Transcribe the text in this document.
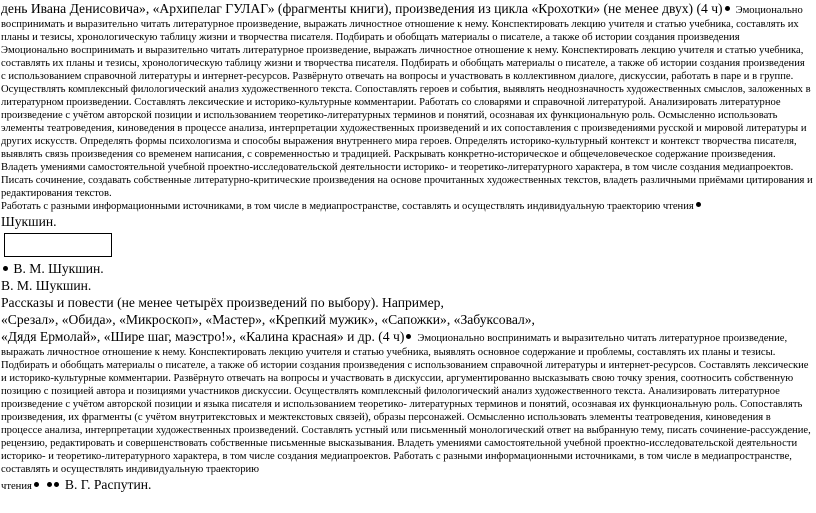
день Ивана Денисовича», «Архипелаг ГУЛАГ» (фрагменты книги), произведения из цикла «Крохотки» (не менее двух) (4 ч) Эмоционально

воспринимать и выразительно читать литературное произведение, выражать личностное отношение к нему. Конспектировать лекцию учителя и статью учебника, составлять их планы и тезисы, хронологическую таблицу жизни и творчества писателя. Подбирать и обобщать материалы о писателе, а также об истории создания произведения

Эмоционально воспринимать и выразительно читать литературное произведение, выражать личностное отношение к нему. Конспектировать лекцию учителя и статью учебника, составлять их планы и тезисы, хронологическую таблицу жизни и творчества писателя. Подбирать и обобщать материалы о писателе, а также об истории создания произведения

с использованием справочной литературы и интернет-ресурсов. Развёрнуто отвечать на вопросы и участвовать в коллективном диалоге, дискуссии, работать в паре и в группе.

Осуществлять комплексный филологический анализ художественного текста. Сопоставлять героев и события, выявлять неоднозначность художественных смыслов, заложенных в литературном произведении. Составлять лексические и историко-культурные комментарии. Работать со словарями и справочной литературой. Анализировать литературное произведение с учётом авторской позиции и использованием теоретико-литературных терминов и понятий, осознавая их функциональную роль. Осмысленно использовать элементы театроведения, киноведения в процессе анализа, интерпретации художественных произведений и их сопоставления с произведениями русской и мировой литературы и других искусств. Определять формы психологизма и способы выражения внутреннего мира героев. Определять историко-культурный контекст и контекст творчества писателя, выявлять связь произведения со временем написания, с современностью и традицией. Раскрывать конкретно-историческое и общечеловеческое содержание произведения. Владеть умениями самостоятельной учебной проектно-исследовательской деятельности историко- и теоретико-литературного характера, в том числе создания медиапроектов. Писать сочинение, создавать собственные литературно-критические произведения на основе прочитанных художественных текстов, владеть различными приёмами цитирования и редактирования текстов.

Работать с разными информационными источниками, в том числе в медиапространстве, составлять и осуществлять индивидуальную траекторию чтения

Шукшин.

В. М. Шукшин.

В. М. Шукшин.

Рассказы и повести (не менее четырёх произведений по выбору). Например,

«Срезал», «Обида», «Микроскоп», «Мастер», «Крепкий мужик», «Сапожки», «Забуксовал»,

«Дядя Ермолай», «Шире шаг, маэстро!», «Калина красная» и др. (4 ч) Эмоционально воспринимать и выразительно читать литературное произведение,

выражать личностное отношение к нему. Конспектировать лекцию учителя и статью учебника, выявлять основное содержание и проблемы, составлять их планы и тезисы. Подбирать и обобщать материалы о писателе, а также об истории создания произведения с использованием справочной литературы и интернет-ресурсов. Составлять лексические и историко-культурные комментарии. Развёрнуто отвечать на вопросы и участвовать в дискуссии, аргументированно высказывать свою точку зрения, соотносить собственную позицию с позицией автора и позициями участников дискуссии. Осуществлять комплексный филологический анализ художественного текста. Анализировать литературное произведение с учётом авторской позиции и языка писателя и использованием теоретико- литературных терминов и понятий, осознавая их функциональную роль. Сопоставлять произведения, их фрагменты (с учётом внутритекстовых и межтекстовых связей), образы персонажей. Осмысленно использовать элементы театроведения, киноведения в процессе анализа, интерпретации художественных произведений. Составлять устный или письменный монологический ответ на выбранную тему, писать сочинение-рассуждение, рецензию, редактировать и совершенствовать собственные письменные высказывания. Владеть умениями самостоятельной учебной проектно-исследовательской деятельности историко- и теоретико-литературного характера, в том числе создания медиапроектов. Работать с разными информационными источниками, в том числе в медиапространстве, составлять и осуществлять индивидуальную траекторию

чтения В. Г. Распутин.
